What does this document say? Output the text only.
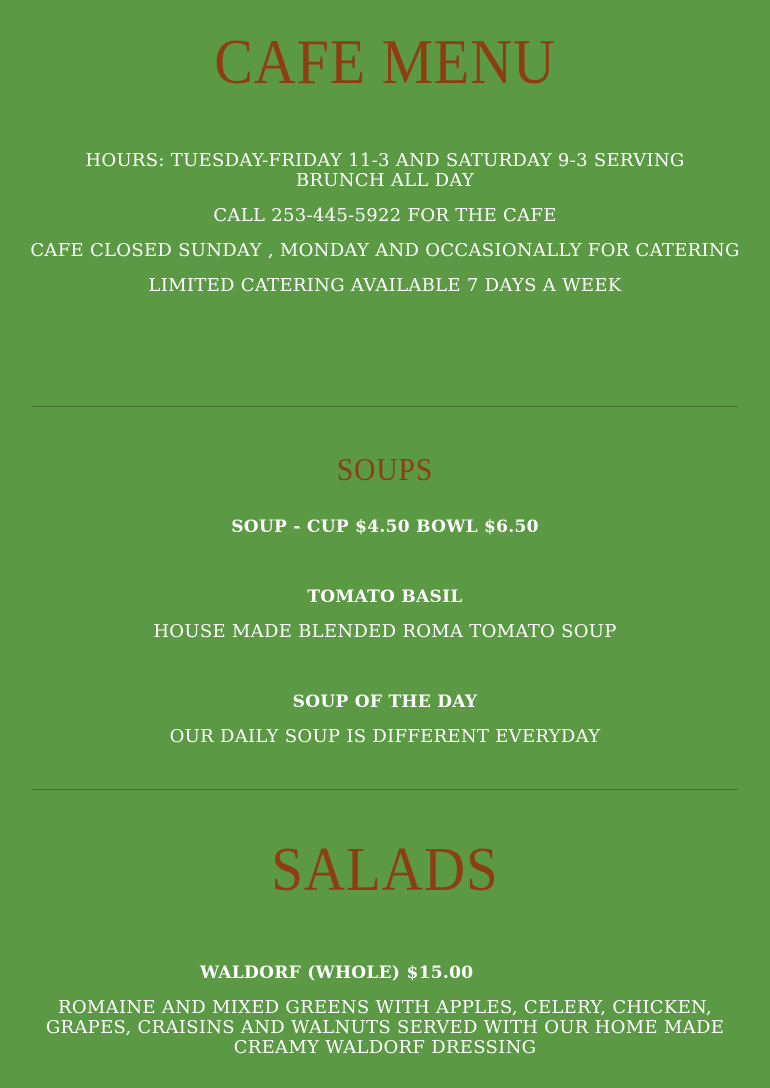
CAFE MENU
HOURS: TUESDAY-FRIDAY 11-3 AND SATURDAY 9-3 SERVING BRUNCH ALL DAY
CALL 253-445-5922 FOR THE CAFE
CAFE CLOSED SUNDAY , MONDAY AND OCCASIONALLY FOR CATERING
LIMITED CATERING AVAILABLE 7 DAYS A WEEK
SOUPS
SOUP - CUP $4.50 BOWL $6.50
TOMATO BASIL
HOUSE MADE BLENDED ROMA TOMATO SOUP
SOUP OF THE DAY
OUR DAILY SOUP IS DIFFERENT EVERYDAY
SALADS
WALDORF (WHOLE) $15.00
ROMAINE AND MIXED GREENS WITH APPLES, CELERY, CHICKEN, GRAPES, CRAISINS AND WALNUTS SERVED WITH OUR HOME MADE CREAMY WALDORF DRESSING
